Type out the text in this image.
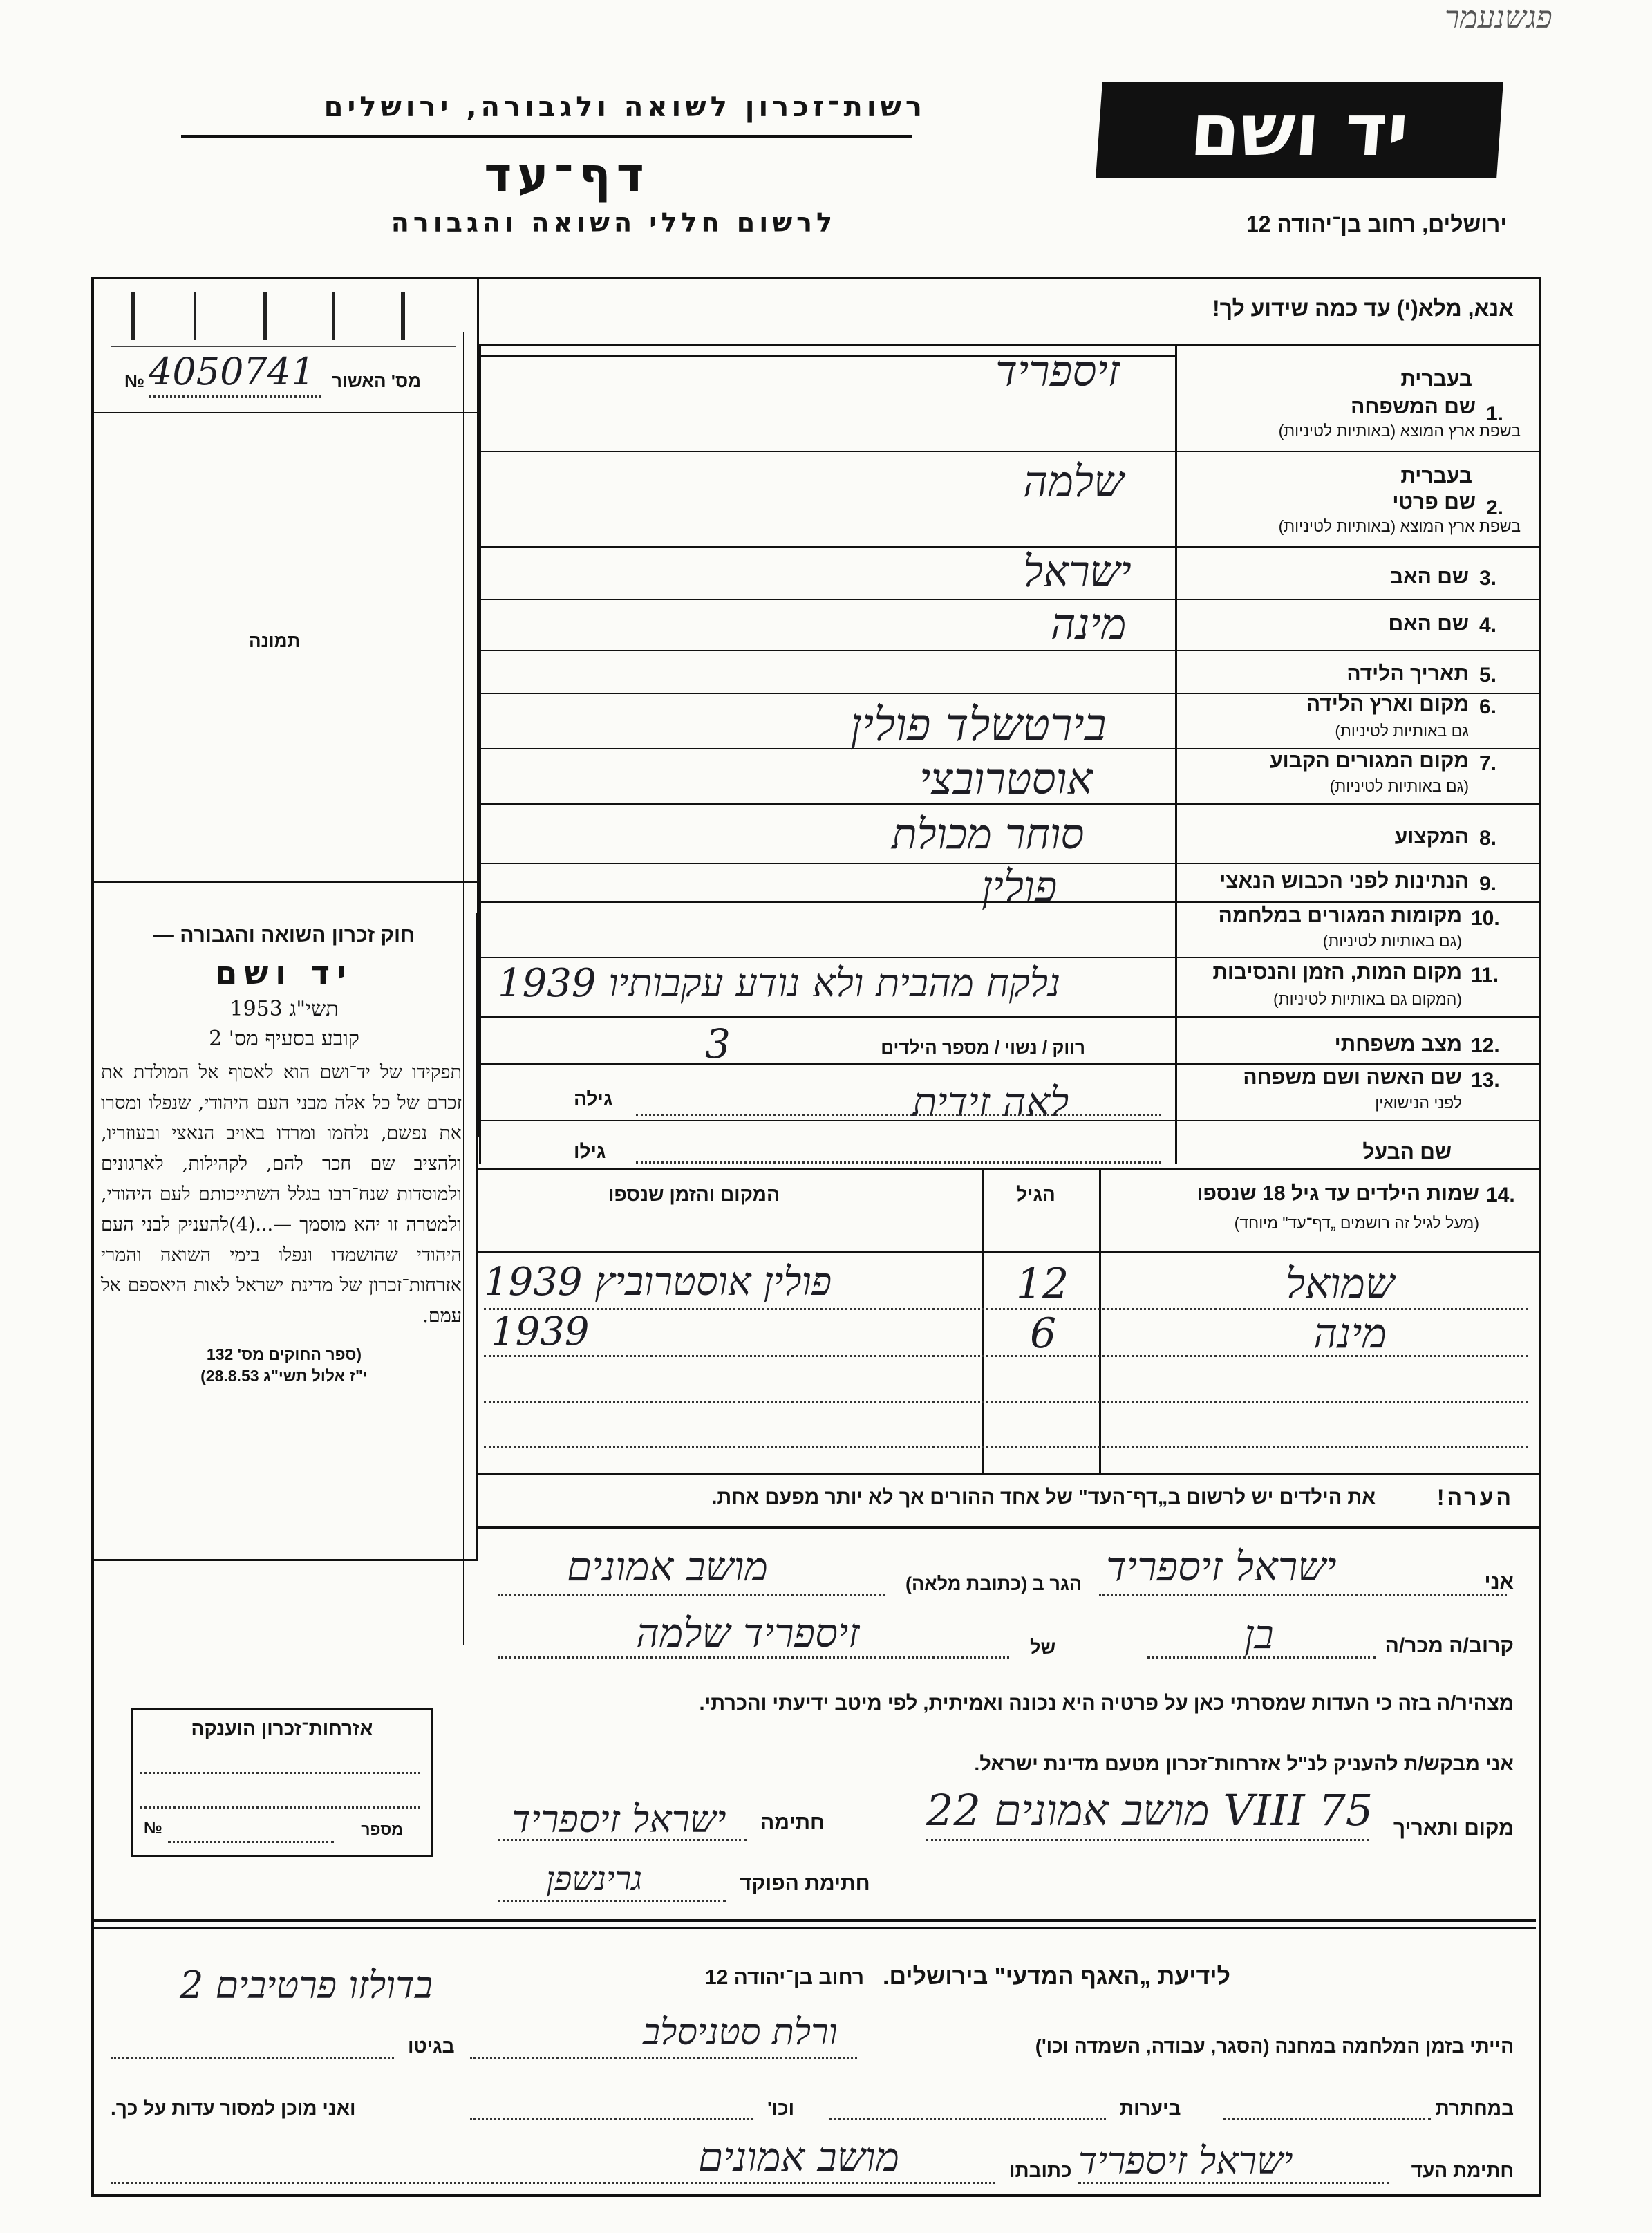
פגשנעמר
יד ושם
ירושלים, רחוב בן־יהודה 12
רשות־זכרון לשואה ולגבורה, ירושלים
דף־עד
לרשום חללי השואה והגבורה
אנא, מלא(י) עד כמה שידוע לך!
מס' האשור
№ 4050741
תמונה
חוק זכרון השואה והגבורה —
יד ושם
תשי"ג 1953
קובע בסעיף מס' 2
תפקידו של יד־ושם הוא לאסוף אל המולדת את זכרם של כל אלה מבני העם היהודי, שנפלו ומסרו את נפשם, נלחמו ומרדו באויב הנאצי ובעוזריו, ולהציב שם חכר להם, לקהילות, לארגונים ולמוסדות שנח־רבו בגלל השתייכותם לעם היהודי, ולמטרה זו יהא מוסמך —...(4)להעניק לבני העם היהודי שהושמדו ונפלו בימי השואה והמרי אזרחות־זכרון של מדינת ישראל לאות היאספם אל עמם.
(ספר החוקים מס' 132
י"ז אלול תשי"ג 28.8.53)
בעברית
1.
שם המשפחה
בשפת ארץ המוצא (באותיות לטיניות)
בעברית
2.
שם פרטי
בשפת ארץ המוצא (באותיות לטיניות)
3.
שם האב
4.
שם האם
5.
תאריך הלידה
6.
מקום וארץ הלידה
גם באותיות לטיניות)
7.
מקום המגורים הקבוע
(גם באותיות לטיניות)
8.
המקצוע
9.
הנתינות לפני הכבוש הנאצי
10.
מקומות המגורים במלחמה
(גם באותיות לטיניות)
11.
מקום המות, הזמן והנסיבות
(המקום גם באותיות לטיניות)
12.
מצב משפחתי
13.
שם האשה ושם משפחה
לפני הנישואין
שם הבעל
זיספריד
שלמה
ישראל
מינה
בירטשלד פולין
אוסטרובצי
סוחר מכולת
פולין
נלקח מהבית ולא נודע עקבותיו 1939
רווק / נשוי / מספר הילדים
3
גילה	לאה זידית
גילו
14.
שמות הילדים עד גיל 18 שנספו
(מעל לגיל זה רושמים „דף־עד" מיוחד)
הגיל
המקום והזמן שנספו
שמואל
12
פולין אוסטרוביץ 1939
מינה
6
1939
הערה!
את הילדים יש לרשום ב„דף־העד" של אחד ההורים אך לא יותר מפעם אחת.
אני
ישראל זיספריד
הגר ב (כתובת מלאה)
מושב אמונים
קרוב/ה מכר/ה
בן
של
זיספריד שלמה
מצהיר/ה בזה כי העדות שמסרתי כאן על פרטיה היא נכונה ואמיתית, לפי מיטב ידיעתי והכרתי.
אני מבקש/ת להעניק לנ"ל אזרחות־זכרון מטעם מדינת ישראל.
מקום ותאריך
מושב אמונים 22 VIII 75
חתימה
ישראל זיספריד
חתימת הפוקד
גרינשפן
אזרחות־זכרון הוענקה
מספר
№
לידיעת „האגף המדעי" בירושלים.
רחוב בן־יהודה 12
2 בדולזו פרטיבים
הייתי בזמן המלחמה במחנה (הסגר, עבודה, השמדה וכו')
ורלת סטניסלב
בגיטו
במחתרת
ביערות
וכו'
ואני מוכן למסור עדות על כך.
חתימת העד
ישראל זיספריד
כתובתו
מושב אמונים
